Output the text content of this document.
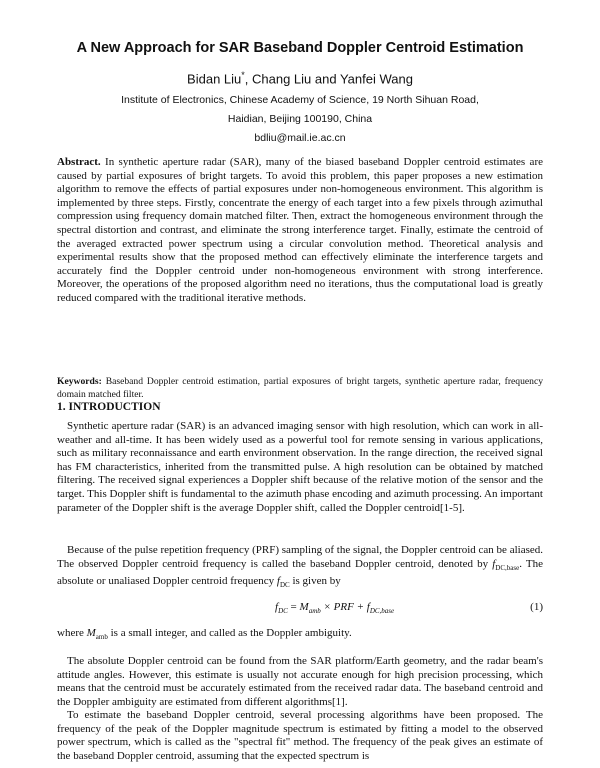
A New Approach for SAR Baseband Doppler Centroid Estimation
Bidan Liu*, Chang Liu and Yanfei Wang
Institute of Electronics, Chinese Academy of Science, 19 North Sihuan Road,
Haidian, Beijing 100190, China
bdliu@mail.ie.ac.cn

Abstract. In synthetic aperture radar (SAR), many of the biased baseband Doppler centroid estimates are caused by partial exposures of bright targets. To avoid this problem, this paper proposes a new estimation algorithm to remove the effects of partial exposures under non-homogeneous environment. This algorithm is implemented by three steps. Firstly, concentrate the energy of each target into a few pixels through azimuthal compression using frequency domain matched filter. Then, extract the homogeneous environment through the spectral distortion and contrast, and eliminate the strong interference target. Finally, estimate the centroid of the averaged extracted power spectrum using a circular convolution method. Theoretical analysis and experimental results show that the proposed method can effectively eliminate the interference targets and accurately find the Doppler centroid under non-homogeneous environment with strong interference. Moreover, the operations of the proposed algorithm need no iterations, thus the computational load is greatly reduced compared with the traditional iterative methods.

Keywords: Baseband Doppler centroid estimation, partial exposures of bright targets, synthetic aperture radar, frequency domain matched filter.

1. INTRODUCTION

Synthetic aperture radar (SAR) is an advanced imaging sensor with high resolution, which can work in all-weather and all-time. It has been widely used as a powerful tool for remote sensing in various applications, such as military reconnaissance and earth environment observation. In the range direction, the received signal has FM characteristics, inherited from the transmitted pulse. A high resolution can be obtained by matched filtering. The received signal experiences a Doppler shift because of the relative motion of the sensor and the target. This Doppler shift is fundamental to the azimuth phase encoding and azimuth processing. An important parameter of the Doppler shift is the average Doppler shift, called the Doppler centroid[1-5].

Because of the pulse repetition frequency (PRF) sampling of the signal, the Doppler centroid can be aliased. The observed Doppler centroid frequency is called the baseband Doppler centroid, denoted by $f_{DC,base}$. The absolute or unaliased Doppler centroid frequency $f_{DC}$ is given by

$f_{DC} = M_{amb}$ × PRF + $f_{DC,base}$	(1)

where $M_{amb}$ is a small integer, and called as the Doppler ambiguity.

The absolute Doppler centroid can be found from the SAR platform/Earth geometry, and the radar beam's attitude angles. However, this estimate is usually not accurate enough for high precision processing, which means that the centroid must be accurately estimated from the received radar data. The baseband centroid and the Doppler ambiguity are estimated from different algorithms[1].

To estimate the baseband Doppler centroid, several processing algorithms have been proposed. The frequency of the peak of the Doppler magnitude spectrum is estimated by fitting a model to the observed power spectrum, which is called as the "spectral fit" method. The frequency of the peak gives an estimate of the baseband Doppler centroid, assuming that the expected spectrum is
